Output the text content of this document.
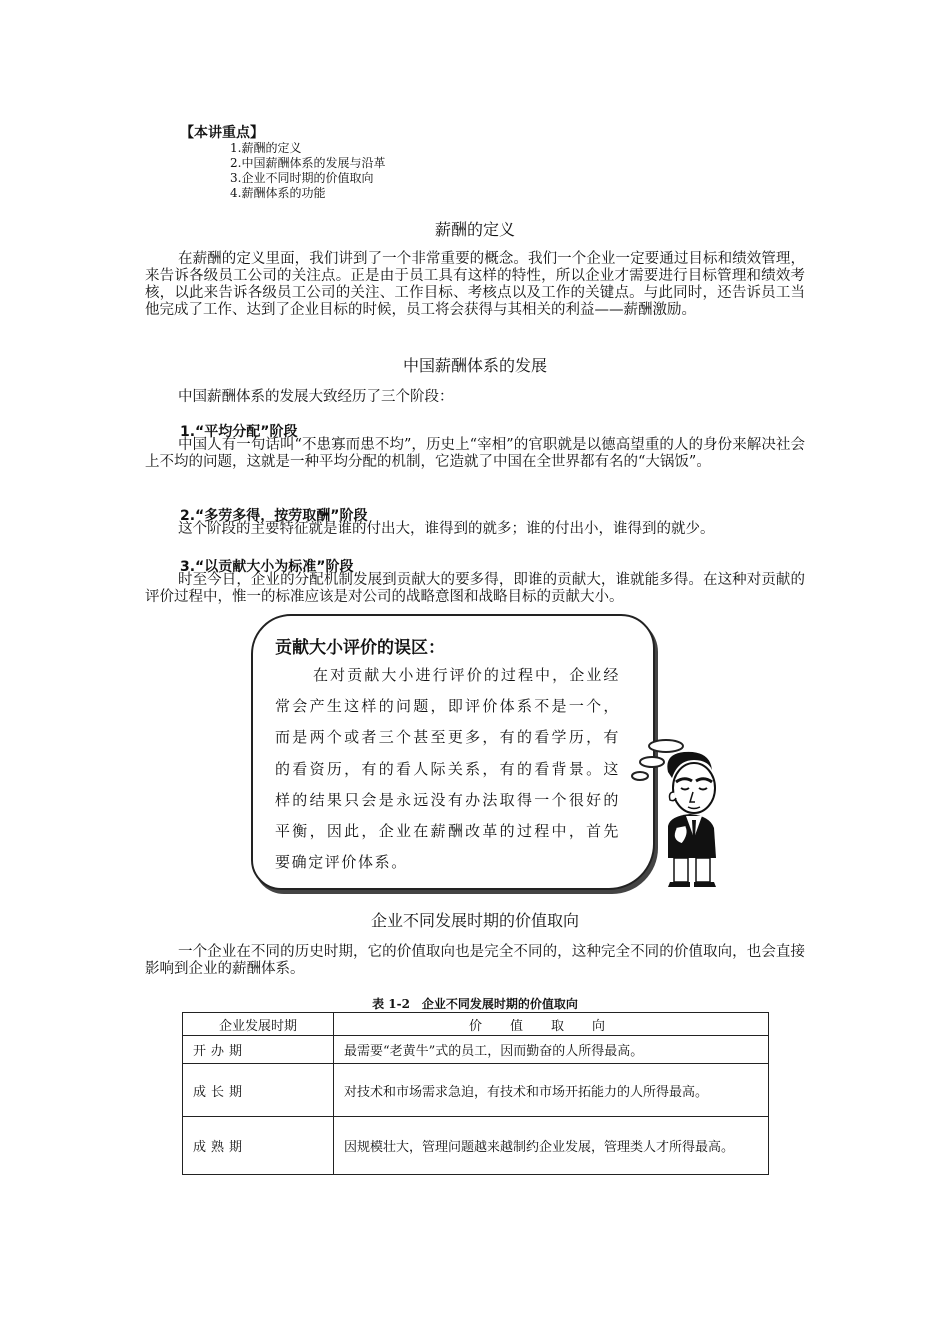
【本讲重点】
1.薪酬的定义
2.中国薪酬体系的发展与沿革
3.企业不同时期的价值取向
4.薪酬体系的功能
薪酬的定义
在薪酬的定义里面，我们讲到了一个非常重要的概念。我们一个企业一定要通过目标和绩效管理，来告诉各级员工公司的关注点。正是由于员工具有这样的特性，所以企业才需要进行目标管理和绩效考核，以此来告诉各级员工公司的关注、工作目标、考核点以及工作的关键点。与此同时，还告诉员工当他完成了工作、达到了企业目标的时候，员工将会获得与其相关的利益——薪酬激励。
中国薪酬体系的发展
中国薪酬体系的发展大致经历了三个阶段：
1.“平均分配”阶段
中国人有一句话叫“不患寡而患不均”，历史上“宰相”的官职就是以德高望重的人的身份来解决社会上不均的问题，这就是一种平均分配的机制，它造就了中国在全世界都有名的“大锅饭”。
2.“多劳多得，按劳取酬”阶段
这个阶段的主要特征就是谁的付出大，谁得到的就多；谁的付出小，谁得到的就少。
3.“以贡献大小为标准”阶段
时至今日，企业的分配机制发展到贡献大的要多得，即谁的贡献大，谁就能多得。在这种对贡献的评价过程中，惟一的标准应该是对公司的战略意图和战略目标的贡献大小。
贡献大小评价的误区：
在对贡献大小进行评价的过程中，企业经常会产生这样的问题，即评价体系不是一个，而是两个或者三个甚至更多，有的看学历，有的看资历，有的看人际关系，有的看背景。这样的结果只会是永远没有办法取得一个很好的平衡，因此，企业在薪酬改革的过程中，首先要确定评价体系。
企业不同发展时期的价值取向
一个企业在不同的历史时期，它的价值取向也是完全不同的，这种完全不同的价值取向，也会直接影响到企业的薪酬体系。
表 1-2　企业不同发展时期的价值取向
企业发展时期	价值取向
开办期	最需要“老黄牛”式的员工，因而勤奋的人所得最高。
成长期	对技术和市场需求急迫，有技术和市场开拓能力的人所得最高。
成熟期	因规模壮大，管理问题越来越制约企业发展，管理类人才所得最高。
